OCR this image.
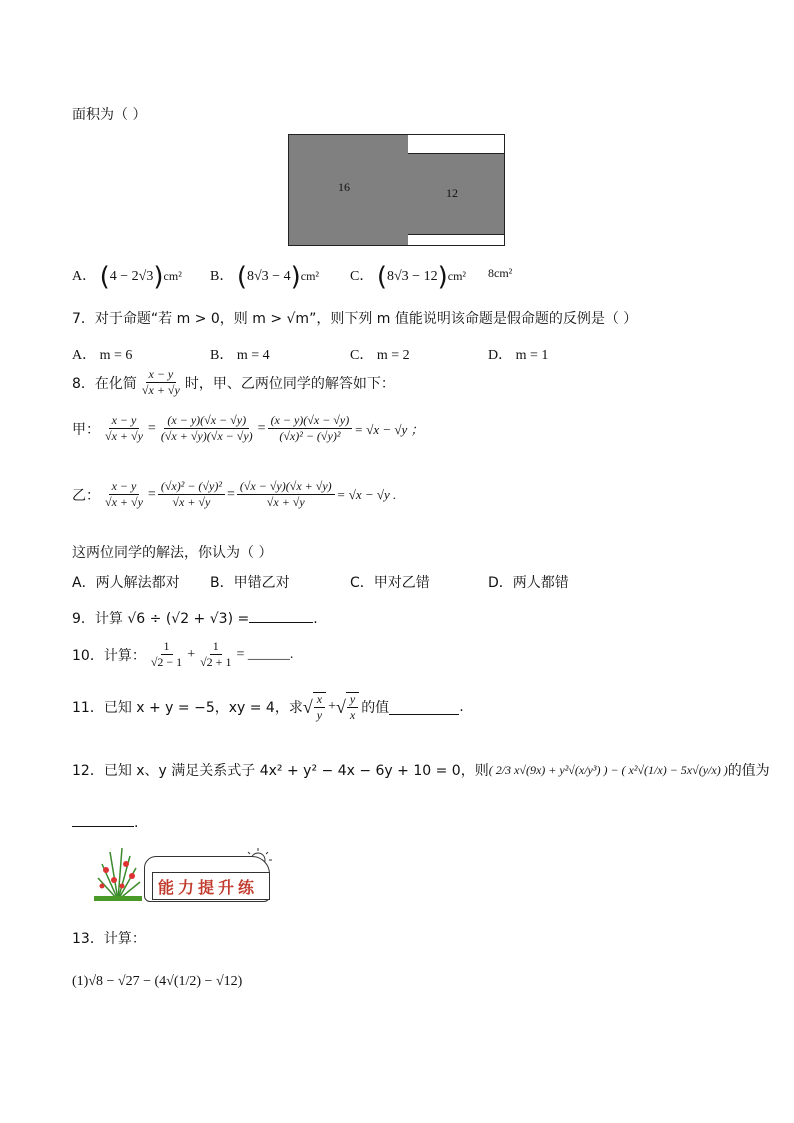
面积为（ ）
16	12
A． (4 − 2√3)cm² B． (8√3 − 4)cm² C． (8√3 − 12)cm² 8cm²
7．对于命题“若 m > 0，则 m > √m”，则下列 m 值能说明该命题是假命题的反例是（ ）
A． m = 6	B． m = 4	C． m = 2	D． m = 1
8．在化简 $\frac{x - y}{√x + √y}$ 时，甲、乙两位同学的解答如下：
甲： $\frac{x - y}{√x + √y} = \frac{(x - y)(√x - √y)}{(√x + √y)(√x - √y)} = \frac{(x - y)(√x - √y)}{\text{(√x)² − (√y)²}} = √x - √y$ ；
乙： $\frac{x - y}{√x + √y} = \frac{\text{(√x)² − (√y)²}}{√x + √y} = \frac{(√x - √y)(√x + √y)}{√x + √y} = √x - √y$ .
这两位同学的解法，你认为（ ）
A．两人解法都对 B．甲错乙对	C．甲对乙错	D．两人都错
9．计算 √6 ÷ (√2 + √3) =	.
10．计算： $\frac{1}{√2 - 1} + \frac{1}{√2 + 1}$ = ______.
11．已知 x + y = −5，xy = 4，求 √ $\frac{x}{y}$ + √ $\frac{y}{x}$ 的值	.
12．已知 x、y 满足关系式子 4x² + y² − 4x − 6y + 10 = 0，则 ( 2/3 x√(9x) + y²√(x/y³) ) − ( x²√(1/x) − 5x√(y/x) ) 的值为
.
能力提升练
13．计算：
(1)√8 − √27 − (4√(1/2) − √12)
